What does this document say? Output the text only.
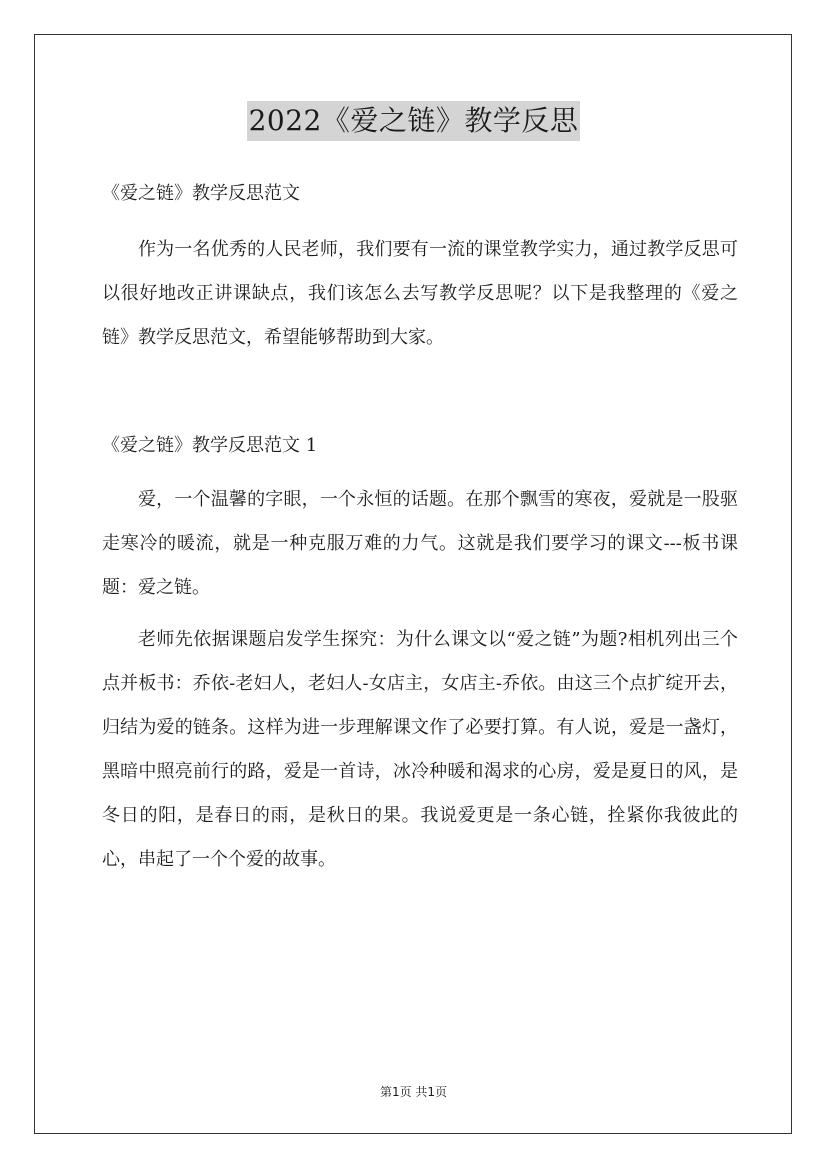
2022《爱之链》教学反思

《爱之链》教学反思范文

作为一名优秀的人民老师，我们要有一流的课堂教学实力，通过教学反思可以很好地改正讲课缺点，我们该怎么去写教学反思呢？以下是我整理的《爱之链》教学反思范文，希望能够帮助到大家。

《爱之链》教学反思范文 1

爱，一个温馨的字眼，一个永恒的话题。在那个飘雪的寒夜，爱就是一股驱走寒冷的暖流，就是一种克服万难的力气。这就是我们要学习的课文---板书课题：爱之链。

老师先依据课题启发学生探究：为什么课文以“爱之链”为题?相机列出三个点并板书：乔依-老妇人，老妇人-女店主，女店主-乔依。由这三个点扩绽开去，归结为爱的链条。这样为进一步理解课文作了必要打算。有人说，爱是一盏灯，黑暗中照亮前行的路，爱是一首诗，冰冷种暖和渴求的心房，爱是夏日的风，是冬日的阳，是春日的雨，是秋日的果。我说爱更是一条心链，拴紧你我彼此的心，串起了一个个爱的故事。

第1页 共1页
